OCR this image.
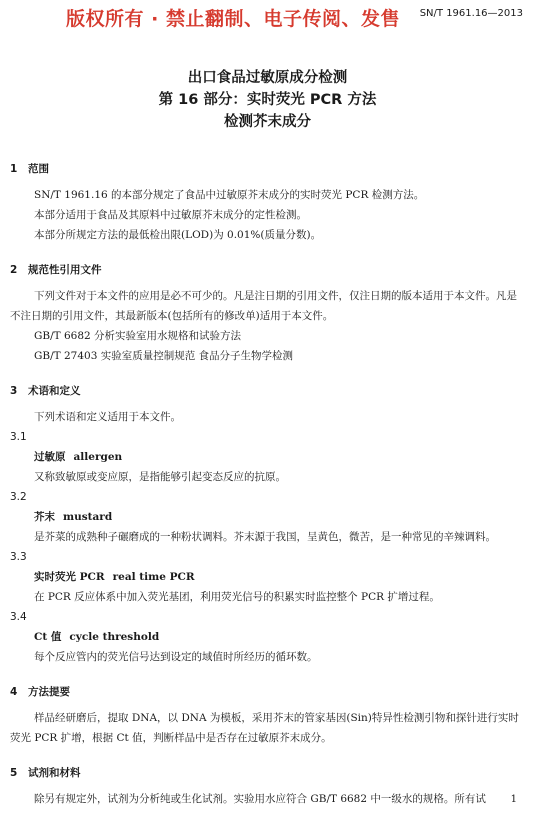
版权所有 · 禁止翻制、电子传阅、发售 SN/T 1961.16—2013
出口食品过敏原成分检测
第 16 部分：实时荧光 PCR 方法
检测芥末成分
1 范围
SN/T 1961.16 的本部分规定了食品中过敏原芥末成分的实时荧光 PCR 检测方法。
本部分适用于食品及其原料中过敏原芥末成分的定性检测。
本部分所规定方法的最低检出限(LOD)为 0.01%(质量分数)。
2 规范性引用文件
下列文件对于本文件的应用是必不可少的。凡是注日期的引用文件，仅注日期的版本适用于本文件。凡是不注日期的引用文件，其最新版本(包括所有的修改单)适用于本文件。
GB/T 6682 分析实验室用水规格和试验方法
GB/T 27403 实验室质量控制规范 食品分子生物学检测
3 术语和定义
下列术语和定义适用于本文件。
3.1
过敏原 allergen
又称致敏原或变应原，是指能够引起变态反应的抗原。
3.2
芥末 mustard
是芥菜的成熟种子碾磨成的一种粉状调料。芥末源于我国，呈黄色，微苦，是一种常见的辛辣调料。
3.3
实时荧光 PCR real time PCR
在 PCR 反应体系中加入荧光基团，利用荧光信号的积累实时监控整个 PCR 扩增过程。
3.4
Ct 值 cycle threshold
每个反应管内的荧光信号达到设定的域值时所经历的循环数。
4 方法提要
样品经研磨后，提取 DNA，以 DNA 为模板，采用芥末的管家基因(Sin)特异性检测引物和探针进行实时荧光 PCR 扩增，根据 Ct 值，判断样品中是否存在过敏原芥末成分。
5 试剂和材料
除另有规定外，试剂为分析纯或生化试剂。实验用水应符合 GB/T 6682 中一级水的规格。所有试	1
